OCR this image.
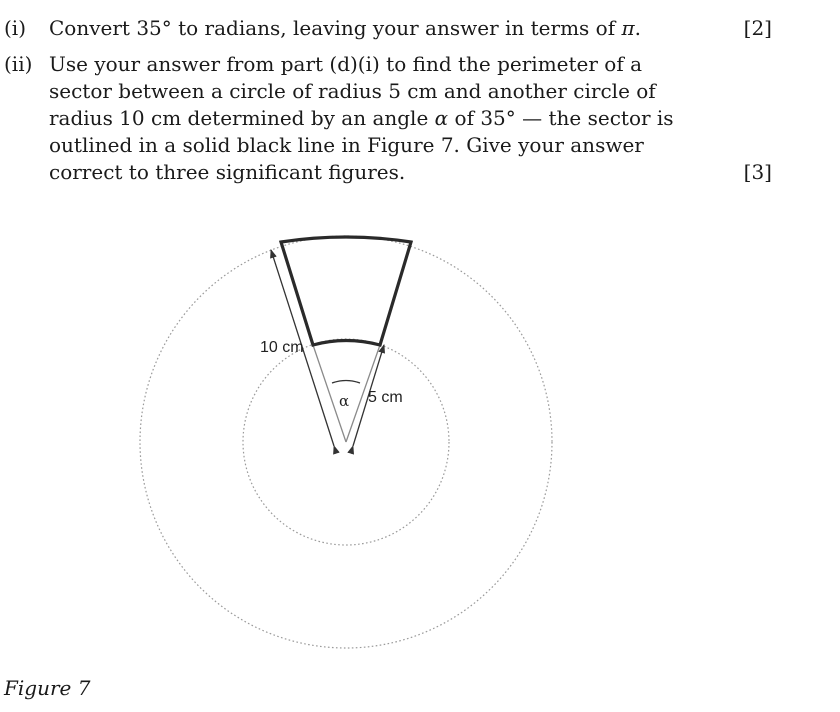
(i) Convert 35° to radians, leaving your answer in terms of π.	[2]
(ii) Use your answer from part (d)(i) to find the perimeter of a sector between a circle of radius 5 cm and another circle of radius 10 cm determined by an angle α of 35° — the sector is outlined in a solid black line in Figure 7. Give your answer correct to three significant figures.	[3]
10 cm
5 cm
α
Figure 7
